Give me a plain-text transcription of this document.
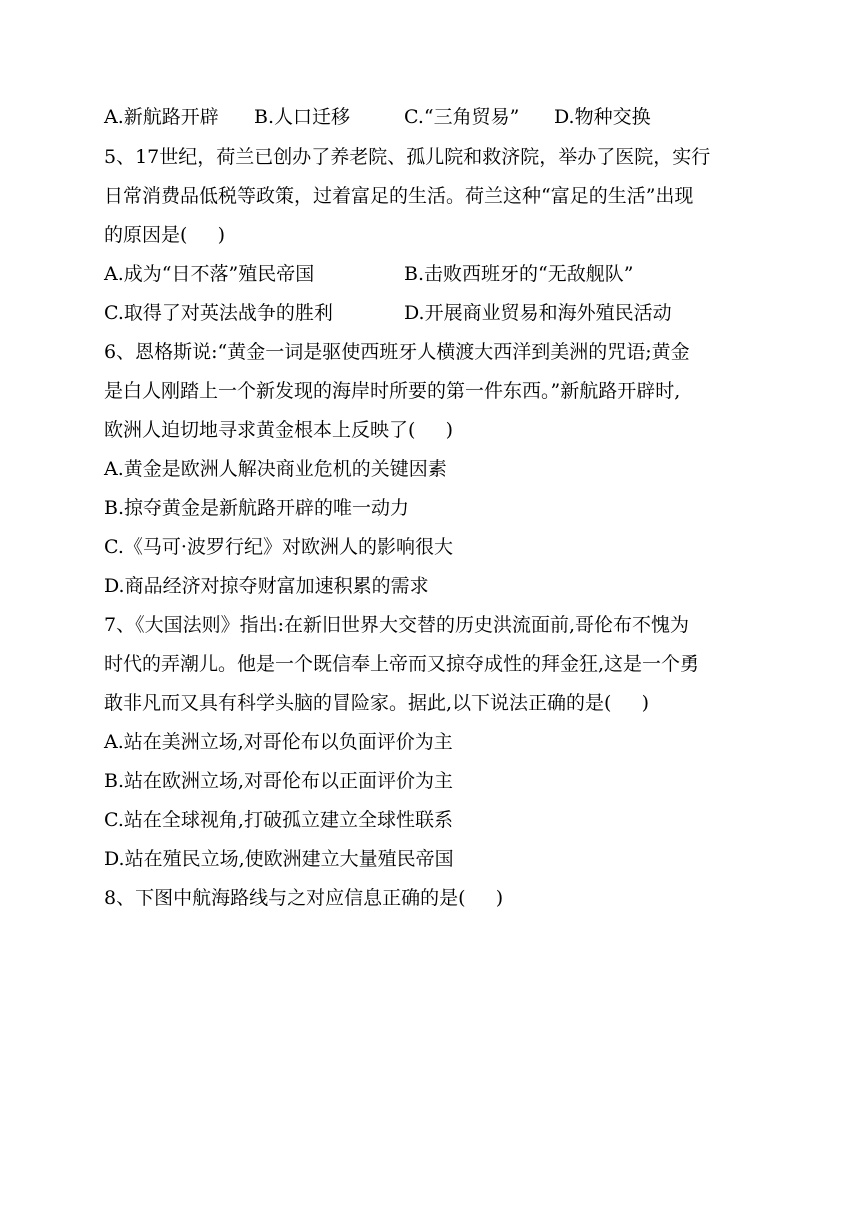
A.新航路开辟 B.人口迁移	C.“三角贸易” D.物种交换
5、17世纪，荷兰已创办了养老院、孤儿院和救济院，举办了医院，实行
日常消费品低税等政策，过着富足的生活。荷兰这种“富足的生活”出现
的原因是(     )
A.成为“日不落”殖民帝国	B.击败西班牙的“无敌舰队”
C.取得了对英法战争的胜利	D.开展商业贸易和海外殖民活动
6、恩格斯说:“黄金一词是驱使西班牙人横渡大西洋到美洲的咒语;黄金
是白人刚踏上一个新发现的海岸时所要的第一件东西。”新航路开辟时,
欧洲人迫切地寻求黄金根本上反映了(     )
A.黄金是欧洲人解决商业危机的关键因素
B.掠夺黄金是新航路开辟的唯一动力
C.《马可·波罗行纪》对欧洲人的影响很大
D.商品经济对掠夺财富加速积累的需求
7、《大国法则》指出:在新旧世界大交替的历史洪流面前,哥伦布不愧为
时代的弄潮儿。他是一个既信奉上帝而又掠夺成性的拜金狂,这是一个勇
敢非凡而又具有科学头脑的冒险家。据此,以下说法正确的是(     )
A.站在美洲立场,对哥伦布以负面评价为主
B.站在欧洲立场,对哥伦布以正面评价为主
C.站在全球视角,打破孤立建立全球性联系
D.站在殖民立场,使欧洲建立大量殖民帝国
8、下图中航海路线与之对应信息正确的是(     )
